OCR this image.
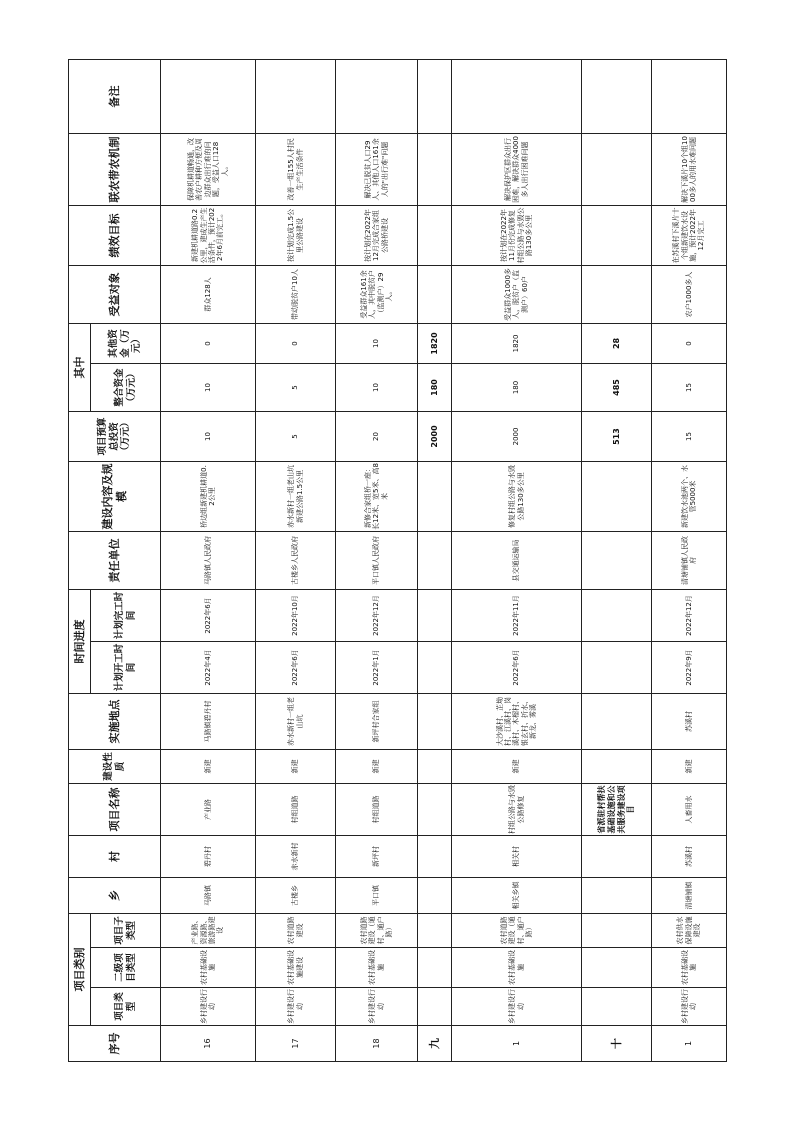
序号	项目类别			乡	村	项目名称	建设性质	实施地点	时间进度		责任单位	建设内容及规模	项目预算总投资（万元）	其中		受益对象	绩效目标	联农带农机制	备注
	项目类型	二级项目类型	项目子类型						计划开工时间	计划完工时间				整合资金（万元）	其他资金（万元）				
16	乡村建设行动	农村基础设施	产业路、资源路、旅游路建设	马路镇	碧丹村	产业路	新建	马路镇碧丹村	2022年4月	2022年6月	马路镇人民政府	桥边组新建机耕道0.2公里	10	10	0	群众128人	新建机耕道路0.2公里，建成生产生活条件，预计2022年6月前完工。	保障机耕道畅通，改善农户耕种方便及周边群众出行难的问题，受益人口128人。	
17	乡村建设行动	农村基础设施建设	农村道路建设	古楼乡	赤水新村	村组道路	新建	赤水新村一组老山坑	2022年6月	2022年10月	古楼乡人民政府	赤水新村一组老山坑新建公路1.5公里	5	5	0	带动脱贫户10人	按计划完成1.5公里公路建设	改善一组155人村民生产生活条件	
18	乡村建设行动	农村基础设施	农村道路建设（通村、通户路）	平口镇	新坪村	村组道路	新建	新坪村合家组	2022年1月	2022年12月	平口镇人民政府	新修合家组桥一座：长12米、宽5米、高8米	20	10	10	受益群众161余人，其中脱贫户（监测户）29人。	按计划在2022年12月完成合家组公路桥建设	解决已脱贫人口29人、其他人口161余人的"出行难"问题	
九													2000	180	1820				
1	乡村建设行动	农村基础设施	农村道路建设（通村、通户路）	相关乡镇	相关村	村组公路与水毁公路修复	新建	大沙溪村、芷坳村、江溪村、岗溪村、木榴村、银玄村、折水、新龙、雾溪	2022年6月	2022年11月	县交通运输局	修复村组公路与水毁公路130多公里	2000	180	1820	受益群众1000多人，脱贫户（监测户）60户	按计划在2022年11月份完成修复村组公路与水毁公路130多公里	解决保护区群众出行困难，解决群众4000多人出行困难问题	
十						省派驻村帮扶基础设施和公共服务建设项目							513	485	28				
1	乡村建设行动	农村基础设施	农村供水保障设施建设	清塘铺镇	苏溪村	人畜用水	新建	苏溪村	2022年9月	2022年12月	清塘铺镇人民政府	新建饮水池两个、水管5000米	15	15	0	农户1000多人	在苏溪村下溪片十个组新建饮水设施，预计2022年12月完工	解决下溪片10个组1000多人的用水难问题	
